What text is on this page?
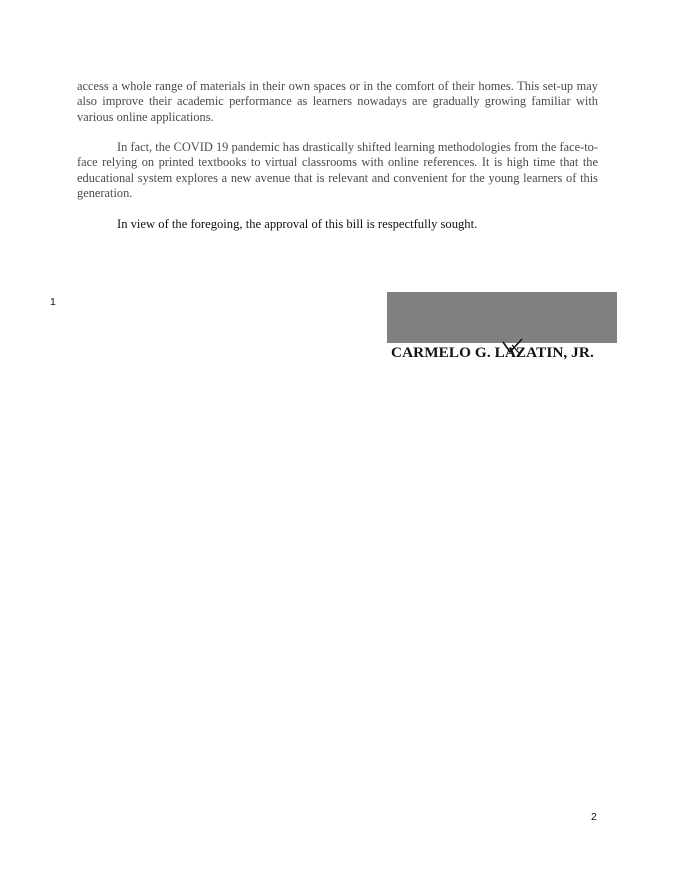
access a whole range of materials in their own spaces or in the comfort of their homes. This set-up may also improve their academic performance as learners nowadays are gradually growing familiar with various online applications.

In fact, the COVID 19 pandemic has drastically shifted learning methodologies from the face-to-face relying on printed textbooks to virtual classrooms with online references. It is high time that the educational system explores a new avenue that is relevant and convenient for the young learners of this generation.

In view of the foregoing, the approval of this bill is respectfully sought.

1
CARMELO G. LAZATIN, JR.
2
